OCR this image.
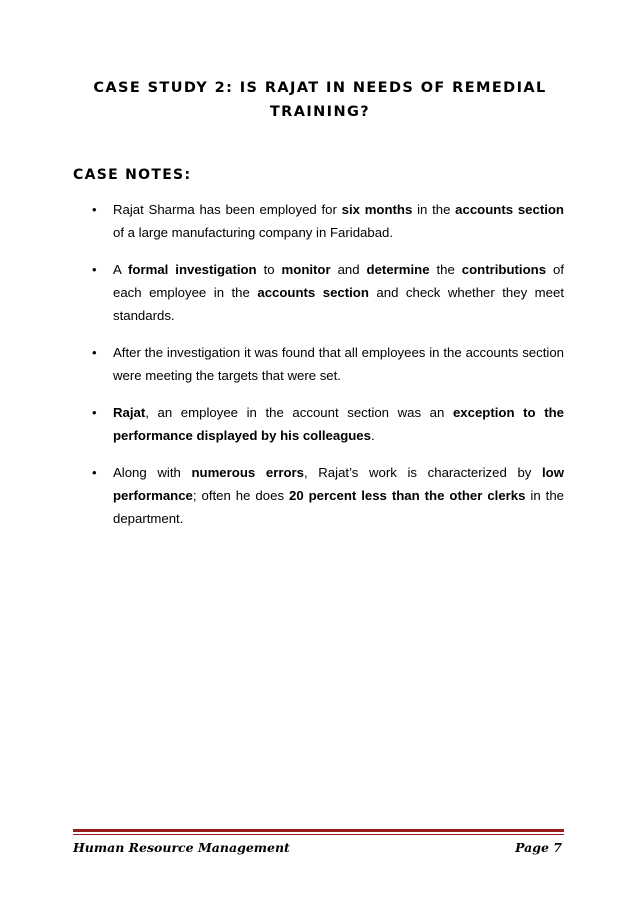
CASE STUDY 2: IS RAJAT IN NEEDS OF REMEDIAL
TRAINING?
CASE NOTES:
• Rajat Sharma has been employed for six months in the accounts section of a large manufacturing company in Faridabad.
• A formal investigation to monitor and determine the contributions of each employee in the accounts section and check whether they meet standards.
• After the investigation it was found that all employees in the accounts section were meeting the targets that were set.
• Rajat, an employee in the account section was an exception to the performance displayed by his colleagues.
• Along with numerous errors, Rajat’s work is characterized by low performance; often he does 20 percent less than the other clerks in the department.
Human Resource Management	Page 7
